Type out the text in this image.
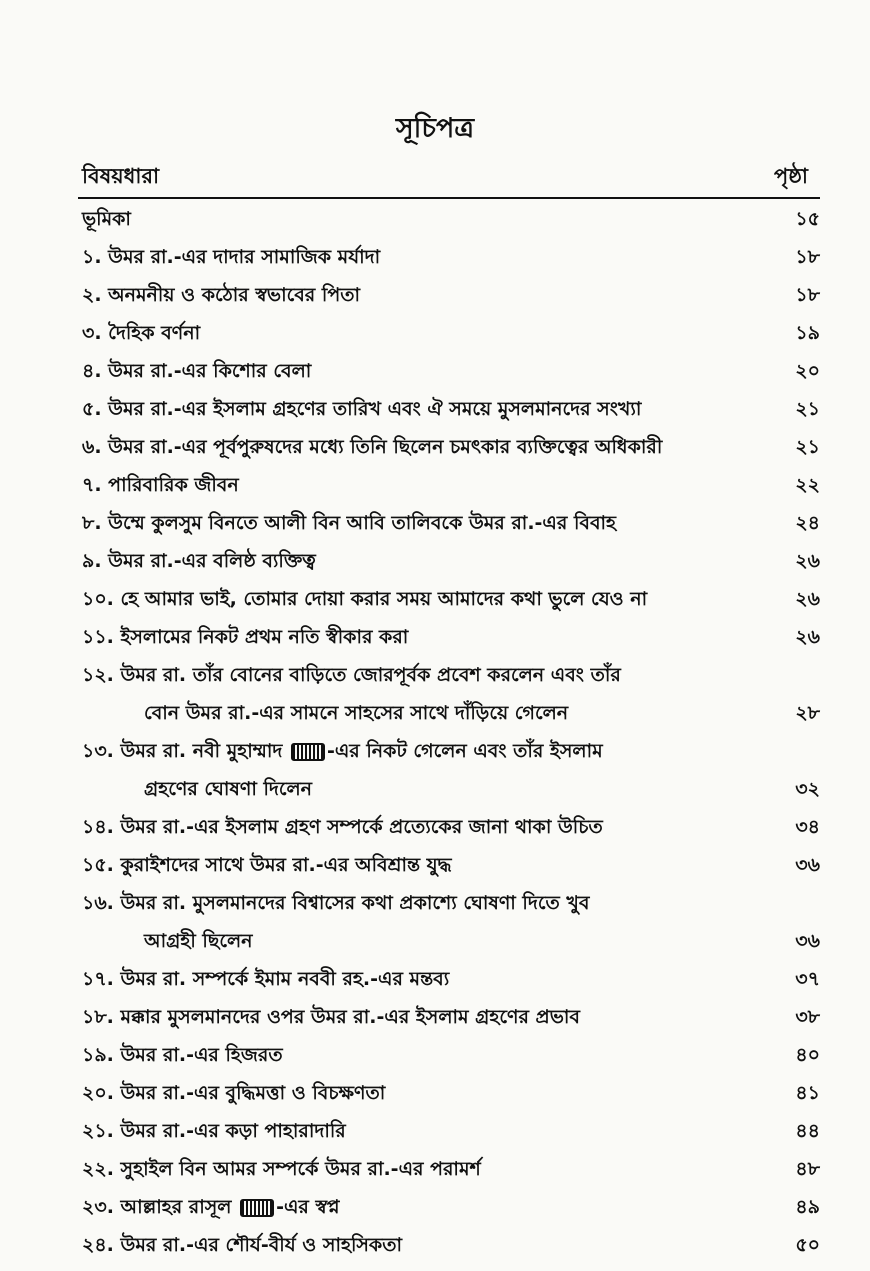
সূচিপত্র
বিষয়ধারা	পৃষ্ঠা
ভূমিকা	১৫
১. উমর রা.-এর দাদার সামাজিক মর্যাদা	১৮
২. অনমনীয় ও কঠোর স্বভাবের পিতা	১৮
৩. দৈহিক বর্ণনা	১৯
৪. উমর রা.-এর কিশোর বেলা	২০
৫. উমর রা.-এর ইসলাম গ্রহণের তারিখ এবং ঐ সময়ে মুসলমানদের সংখ্যা	২১
৬. উমর রা.-এর পূর্বপুরুষদের মধ্যে তিনি ছিলেন চমৎকার ব্যক্তিত্বের অধিকারী	২১
৭. পারিবারিক জীবন	২২
৮. উম্মে কুলসুম বিনতে আলী বিন আবি তালিবকে উমর রা.-এর বিবাহ	২৪
৯. উমর রা.-এর বলিষ্ঠ ব্যক্তিত্ব	২৬
১০. হে আমার ভাই, তোমার দোয়া করার সময় আমাদের কথা ভুলে যেও না	২৬
১১. ইসলামের নিকট প্রথম নতি স্বীকার করা	২৬
১২. উমর রা. তাঁর বোনের বাড়িতে জোরপূর্বক প্রবেশ করলেন এবং তাঁর
বোন উমর রা.-এর সামনে সাহসের সাথে দাঁড়িয়ে গেলেন	২৮
১৩. উমর রা. নবী মুহাম্মাদ -এর নিকট গেলেন এবং তাঁর ইসলাম
গ্রহণের ঘোষণা দিলেন	৩২
১৪. উমর রা.-এর ইসলাম গ্রহণ সম্পর্কে প্রত্যেকের জানা থাকা উচিত	৩৪
১৫. কুরাইশদের সাথে উমর রা.-এর অবিশ্রান্ত যুদ্ধ	৩৬
১৬. উমর রা. মুসলমানদের বিশ্বাসের কথা প্রকাশ্যে ঘোষণা দিতে খুব
আগ্রহী ছিলেন	৩৬
১৭. উমর রা. সম্পর্কে ইমাম নববী রহ.-এর মন্তব্য	৩৭
১৮. মক্কার মুসলমানদের ওপর উমর রা.-এর ইসলাম গ্রহণের প্রভাব	৩৮
১৯. উমর রা.-এর হিজরত	৪০
২০. উমর রা.-এর বুদ্ধিমত্তা ও বিচক্ষণতা	৪১
২১. উমর রা.-এর কড়া পাহারাদারি	৪৪
২২. সুহাইল বিন আমর সম্পর্কে উমর রা.-এর পরামর্শ	৪৮
২৩. আল্লাহর রাসূল -এর স্বপ্ন	৪৯
২৪. উমর রা.-এর শৌর্য-বীর্য ও সাহসিকতা	৫০
